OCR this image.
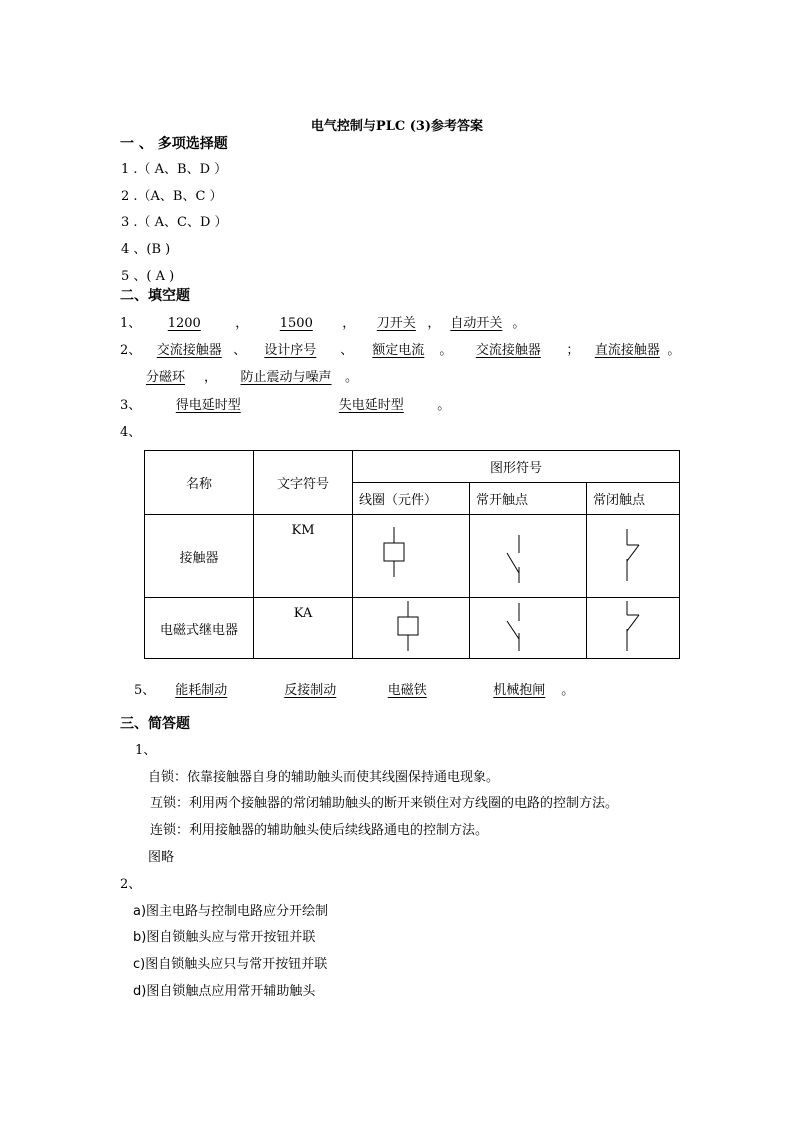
电气控制与PLC (3)参考答案
一 、 多项选择题
1 .（ A、B、D ）
2 .（A、B、C ）
3 .（ A、C、D ）
4 、(B )
5 、( A )
二、填空题
1、 1200	， 1500 ， 刀开关 ， 自动开关 。
2、 交流接触器 、 设计序号 、 额定电流 。 交流接触器 ； 直流接触器 。
分磁环 ， 防止震动与噪声 。
3、	得电延时型	失电延时型	。
4、
名称	文字符号	图形符号		
		线圈（元件）	常开触点	常闭触点
接触器	KM	

电磁式继电器	KA	

5、 能耗制动	反接制动	电磁铁	机械抱闸 。
三、简答题
1、
自锁：依靠接触器自身的辅助触头而使其线圈保持通电现象。
互锁：利用两个接触器的常闭辅助触头的断开来锁住对方线圈的电路的控制方法。
连锁：利用接触器的辅助触头使后续线路通电的控制方法。
图略
2、
a)图主电路与控制电路应分开绘制
b)图自锁触头应与常开按钮并联
c)图自锁触头应只与常开按钮并联
d)图自锁触点应用常开辅助触头
